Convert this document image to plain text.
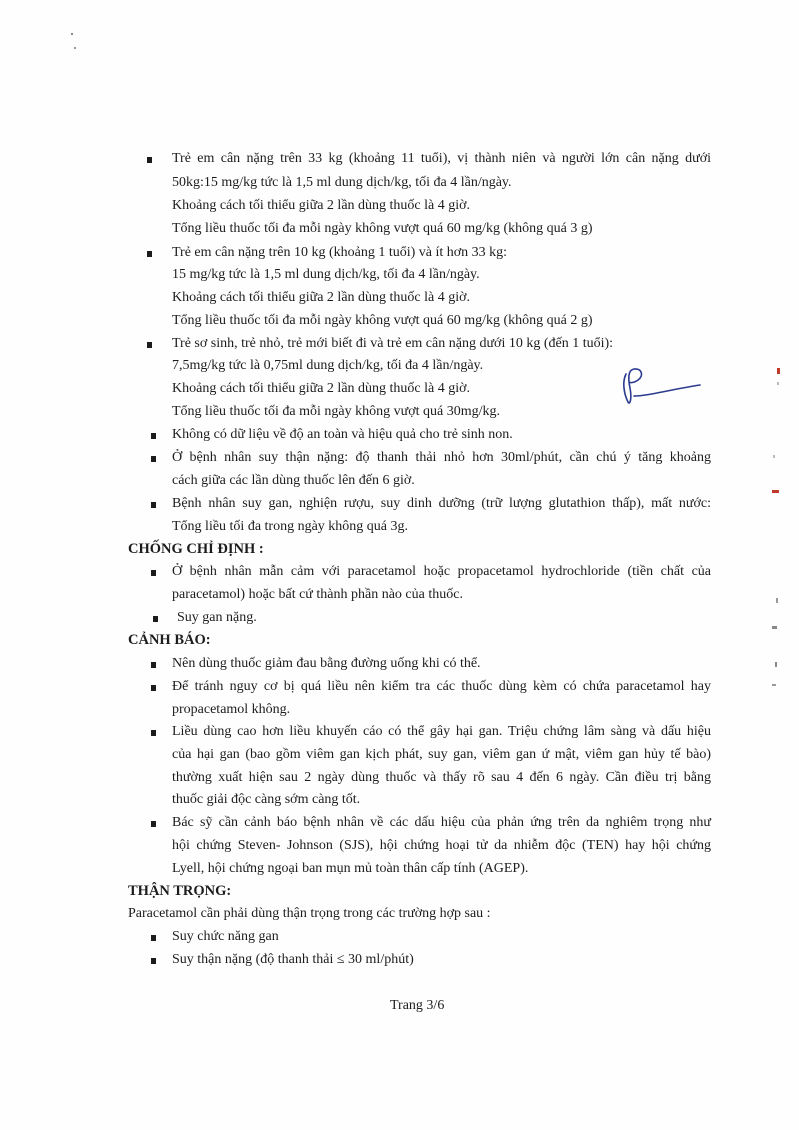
Trẻ em cân nặng trên 33 kg (khoảng 11 tuổi), vị thành niên và người lớn cân nặng dưới
50kg:15 mg/kg tức là 1,5 ml dung dịch/kg, tối đa 4 lần/ngày.
Khoảng cách tối thiểu giữa 2 lần dùng thuốc là 4 giờ.
Tổng liều thuốc tối đa mỗi ngày không vượt quá 60 mg/kg (không quá 3 g)
Trẻ em cân nặng trên 10 kg (khoảng 1 tuổi) và ít hơn 33 kg:
15 mg/kg tức là 1,5 ml dung dịch/kg, tối đa 4 lần/ngày.
Khoảng cách tối thiểu giữa 2 lần dùng thuốc là 4 giờ.
Tổng liều thuốc tối đa mỗi ngày không vượt quá 60 mg/kg (không quá 2 g)
Trẻ sơ sinh, trẻ nhỏ, trẻ mới biết đi và trẻ em cân nặng dưới 10 kg (đến 1 tuổi):
7,5mg/kg tức là 0,75ml dung dịch/kg, tối đa 4 lần/ngày.
Khoảng cách tối thiểu giữa 2 lần dùng thuốc là 4 giờ.
Tổng liều thuốc tối đa mỗi ngày không vượt quá 30mg/kg.
Không có dữ liệu về độ an toàn và hiệu quả cho trẻ sinh non.
Ở bệnh nhân suy thận nặng: độ thanh thải nhỏ hơn 30ml/phút, cần chú ý tăng khoảng
cách giữa các lần dùng thuốc lên đến 6 giờ.
Bệnh nhân suy gan, nghiện rượu, suy dinh dưỡng (trữ lượng glutathion thấp), mất nước:
Tổng liều tối đa trong ngày không quá 3g.
CHỐNG CHỈ ĐỊNH :
Ở bệnh nhân mẫn cảm với paracetamol hoặc propacetamol hydrochloride (tiền chất của
paracetamol) hoặc bất cứ thành phần nào của thuốc.
Suy gan nặng.
CẢNH BÁO:
Nên dùng thuốc giảm đau bằng đường uống khi có thể.
Để tránh nguy cơ bị quá liều nên kiểm tra các thuốc dùng kèm có chứa paracetamol hay
propacetamol không.
Liều dùng cao hơn liều khuyến cáo có thể gây hại gan. Triệu chứng lâm sàng và dấu hiệu
của hại gan (bao gồm viêm gan kịch phát, suy gan, viêm gan ứ mật, viêm gan hủy tế bào)
thường xuất hiện sau 2 ngày dùng thuốc và thấy rõ sau 4 đến 6 ngày. Cần điều trị bằng
thuốc giải độc càng sớm càng tốt.
Bác sỹ cần cảnh báo bệnh nhân về các dấu hiệu của phản ứng trên da nghiêm trọng như
hội chứng Steven- Johnson (SJS), hội chứng hoại tử da nhiễm độc (TEN) hay hội chứng
Lyell, hội chứng ngoại ban mụn mủ toàn thân cấp tính (AGEP).
THẬN TRỌNG:
Paracetamol cần phải dùng thận trọng trong các trường hợp sau :
Suy chức năng gan
Suy thận nặng (độ thanh thải ≤ 30 ml/phút)
Trang 3/6
